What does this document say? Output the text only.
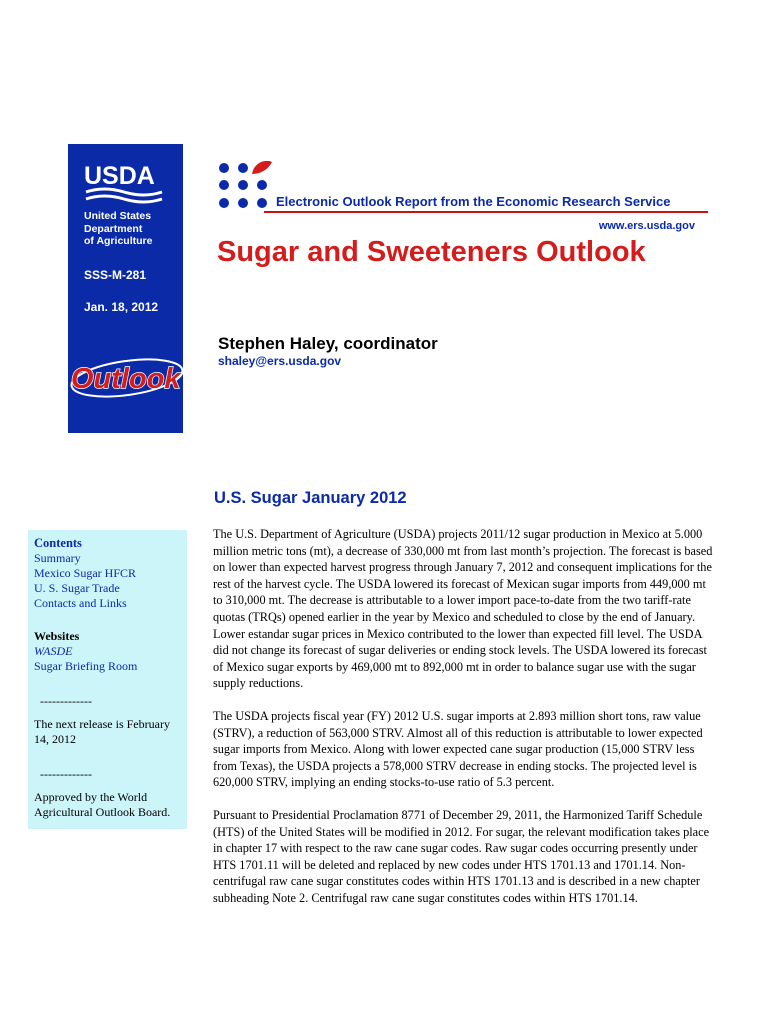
USDA
United States
Department
of Agriculture
SSS-M-281
Jan. 18, 2012
Outlook
Electronic Outlook Report from the Economic Research Service
www.ers.usda.gov
Sugar and Sweeteners Outlook
Stephen Haley, coordinator
shaley@ers.usda.gov
U.S. Sugar January 2012
Contents
Summary
Mexico Sugar HFCR
U. S. Sugar Trade
Contacts and Links
Websites
WASDE
Sugar Briefing Room
-------------
The next release is February 14, 2012
-------------
Approved by the World Agricultural Outlook Board.

The U.S. Department of Agriculture (USDA) projects 2011/12 sugar production in Mexico at 5.000 million metric tons (mt), a decrease of 330,000 mt from last month’s projection. The forecast is based on lower than expected harvest progress through January 7, 2012 and consequent implications for the rest of the harvest cycle. The USDA lowered its forecast of Mexican sugar imports from 449,000 mt to 310,000 mt. The decrease is attributable to a lower import pace-to-date from the two tariff-rate quotas (TRQs) opened earlier in the year by Mexico and scheduled to close by the end of January. Lower estandar sugar prices in Mexico contributed to the lower than expected fill level. The USDA did not change its forecast of sugar deliveries or ending stock levels. The USDA lowered its forecast of Mexico sugar exports by 469,000 mt to 892,000 mt in order to balance sugar use with the sugar supply reductions.

The USDA projects fiscal year (FY) 2012 U.S. sugar imports at 2.893 million short tons, raw value (STRV), a reduction of 563,000 STRV. Almost all of this reduction is attributable to lower expected sugar imports from Mexico. Along with lower expected cane sugar production (15,000 STRV less from Texas), the USDA projects a 578,000 STRV decrease in ending stocks. The projected level is 620,000 STRV, implying an ending stocks-to-use ratio of 5.3 percent.

Pursuant to Presidential Proclamation 8771 of December 29, 2011, the Harmonized Tariff Schedule (HTS) of the United States will be modified in 2012. For sugar, the relevant modification takes place in chapter 17 with respect to the raw cane sugar codes. Raw sugar codes occurring presently under HTS 1701.11 will be deleted and replaced by new codes under HTS 1701.13 and 1701.14. Non-centrifugal raw cane sugar constitutes codes within HTS 1701.13 and is described in a new chapter subheading Note 2. Centrifugal raw cane sugar constitutes codes within HTS 1701.14.
